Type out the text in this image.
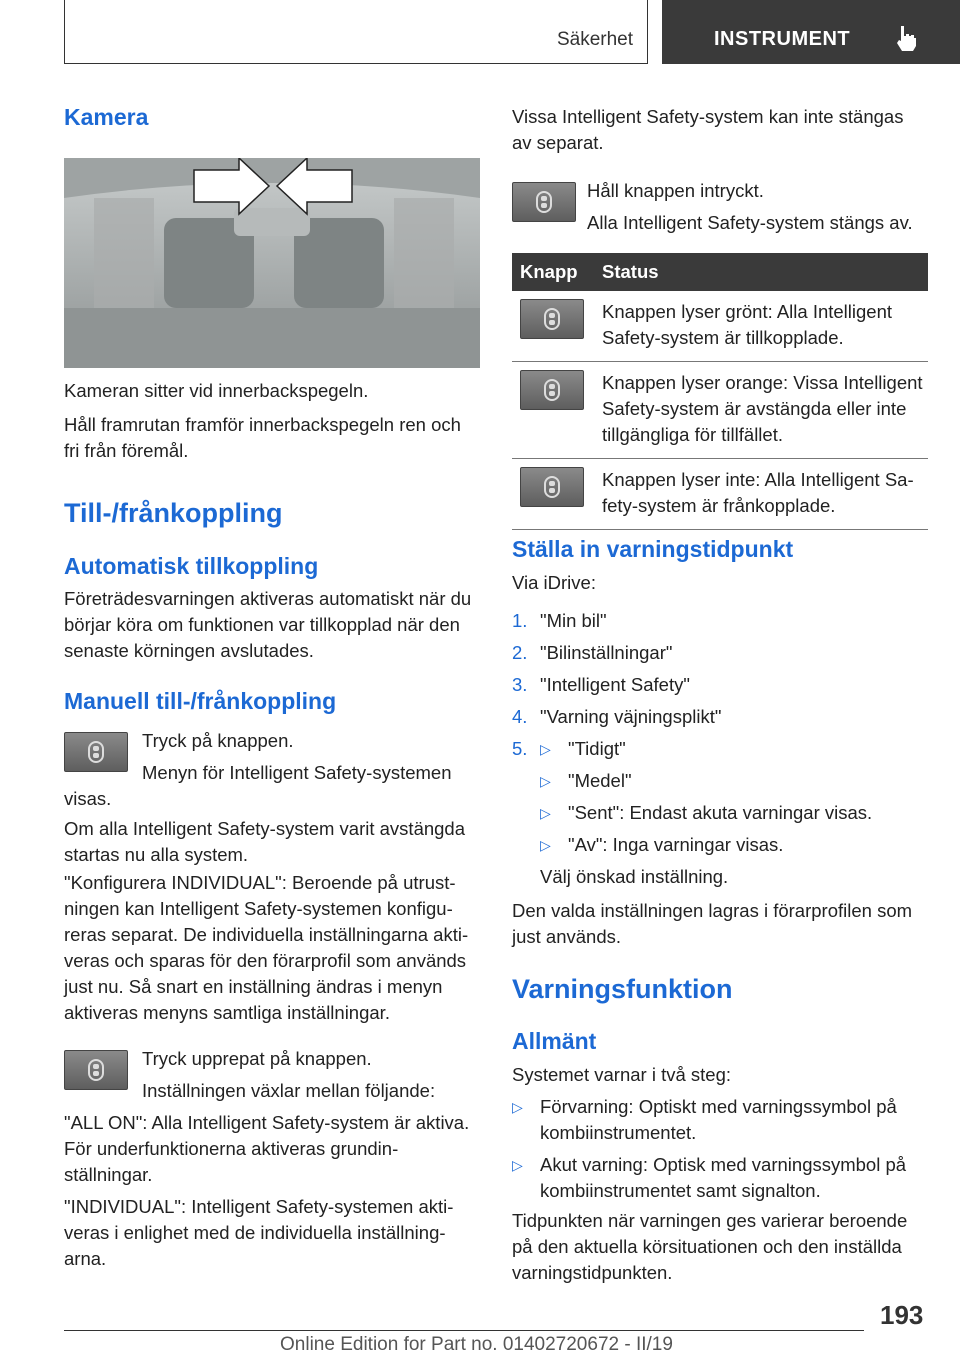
Säkerhet	INSTRUMENT
Kamera

Kameran sitter vid innerbackspegeln.

Håll framrutan framför innerbackspegeln ren och fri från föremål.

Till-/frånkoppling
Automatisk tillkoppling
Företrädesvarningen aktiveras automatiskt när du börjar köra om funktionen var tillkopplad när den senaste körningen avslutades.
Manuell till-/frånkoppling
Tryck på knappen.
Menyn för Intelligent Safety-systemen visas.
Om alla Intelligent Safety-system varit avstängda startas nu alla system.
"Konfigurera INDIVIDUAL": Beroende på utrustningen kan Intelligent Safety-systemen konfigureras separat. De individuella inställningarna aktiveras och sparas för den förarprofil som används just nu. Så snart en inställning ändras i menyn aktiveras menyns samtliga inställningar.
Tryck upprepat på knappen.
Inställningen växlar mellan följande:
"ALL ON": Alla Intelligent Safety-system är aktiva. För underfunktionerna aktiveras grundinställningar.
"INDIVIDUAL": Intelligent Safety-systemen aktiveras i enlighet med de individuella inställningarna.
Vissa Intelligent Safety-system kan inte stängas av separat.
Håll knappen intryckt.
Alla Intelligent Safety-system stängs av.
Knapp	Status

	Knappen lyser grönt: Alla Intelligent Safety-system är tillkopplade.

	Knappen lyser orange: Vissa Intelligent Safety-system är avstängda eller inte tillgängliga för tillfället.

	Knappen lyser inte: Alla Intelligent Safety-system är frånkopplade.
Ställa in varningstidpunkt
Via iDrive:
1. "Min bil"
2. "Bilinställningar"
3. "Intelligent Safety"
4. "Varning väjningsplikt"
5. ▷ "Tidigt"
▷ "Medel"
▷ "Sent": Endast akuta varningar visas.
▷ "Av": Inga varningar visas.
Välj önskad inställning.
Den valda inställningen lagras i förarprofilen som just används.
Varningsfunktion
Allmänt
Systemet varnar i två steg:
▷ Förvarning: Optiskt med varningssymbol på kombiinstrumentet.
▷ Akut varning: Optisk med varningssymbol på kombiinstrumentet samt signalton.
Tidpunkten när varningen ges varierar beroende på den aktuella körsituationen och den inställda varningstidpunkten.
193
Online Edition for Part no. 01402720672 - II/19
